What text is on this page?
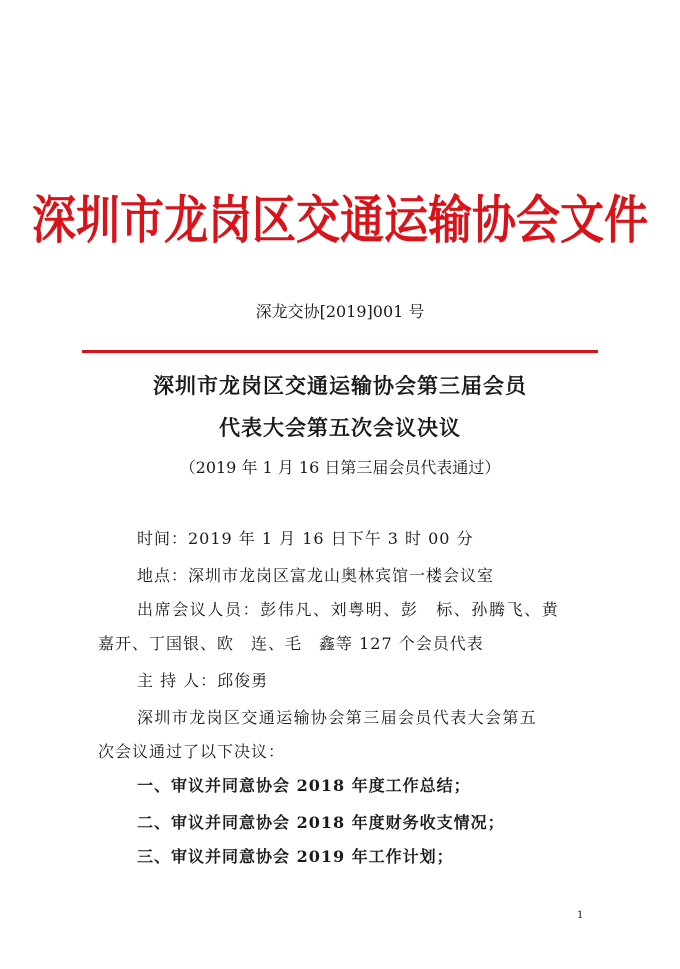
深圳市龙岗区交通运输协会文件
深龙交协[2019]001 号
深圳市龙岗区交通运输协会第三届会员
代表大会第五次会议决议
（2019 年 1 月 16 日第三届会员代表通过）
时间：2019 年 1 月 16 日下午 3 时 00 分
地点：深圳市龙岗区富龙山奥林宾馆一楼会议室
出席会议人员：彭伟凡、刘粤明、彭　标、孙腾飞、黄
嘉开、丁国银、欧　连、毛　鑫等 127 个会员代表
主 持 人：邱俊勇
深圳市龙岗区交通运输协会第三届会员代表大会第五
次会议通过了以下决议：
一、审议并同意协会 2018 年度工作总结；
二、审议并同意协会 2018 年度财务收支情况；
三、审议并同意协会 2019 年工作计划；
1
